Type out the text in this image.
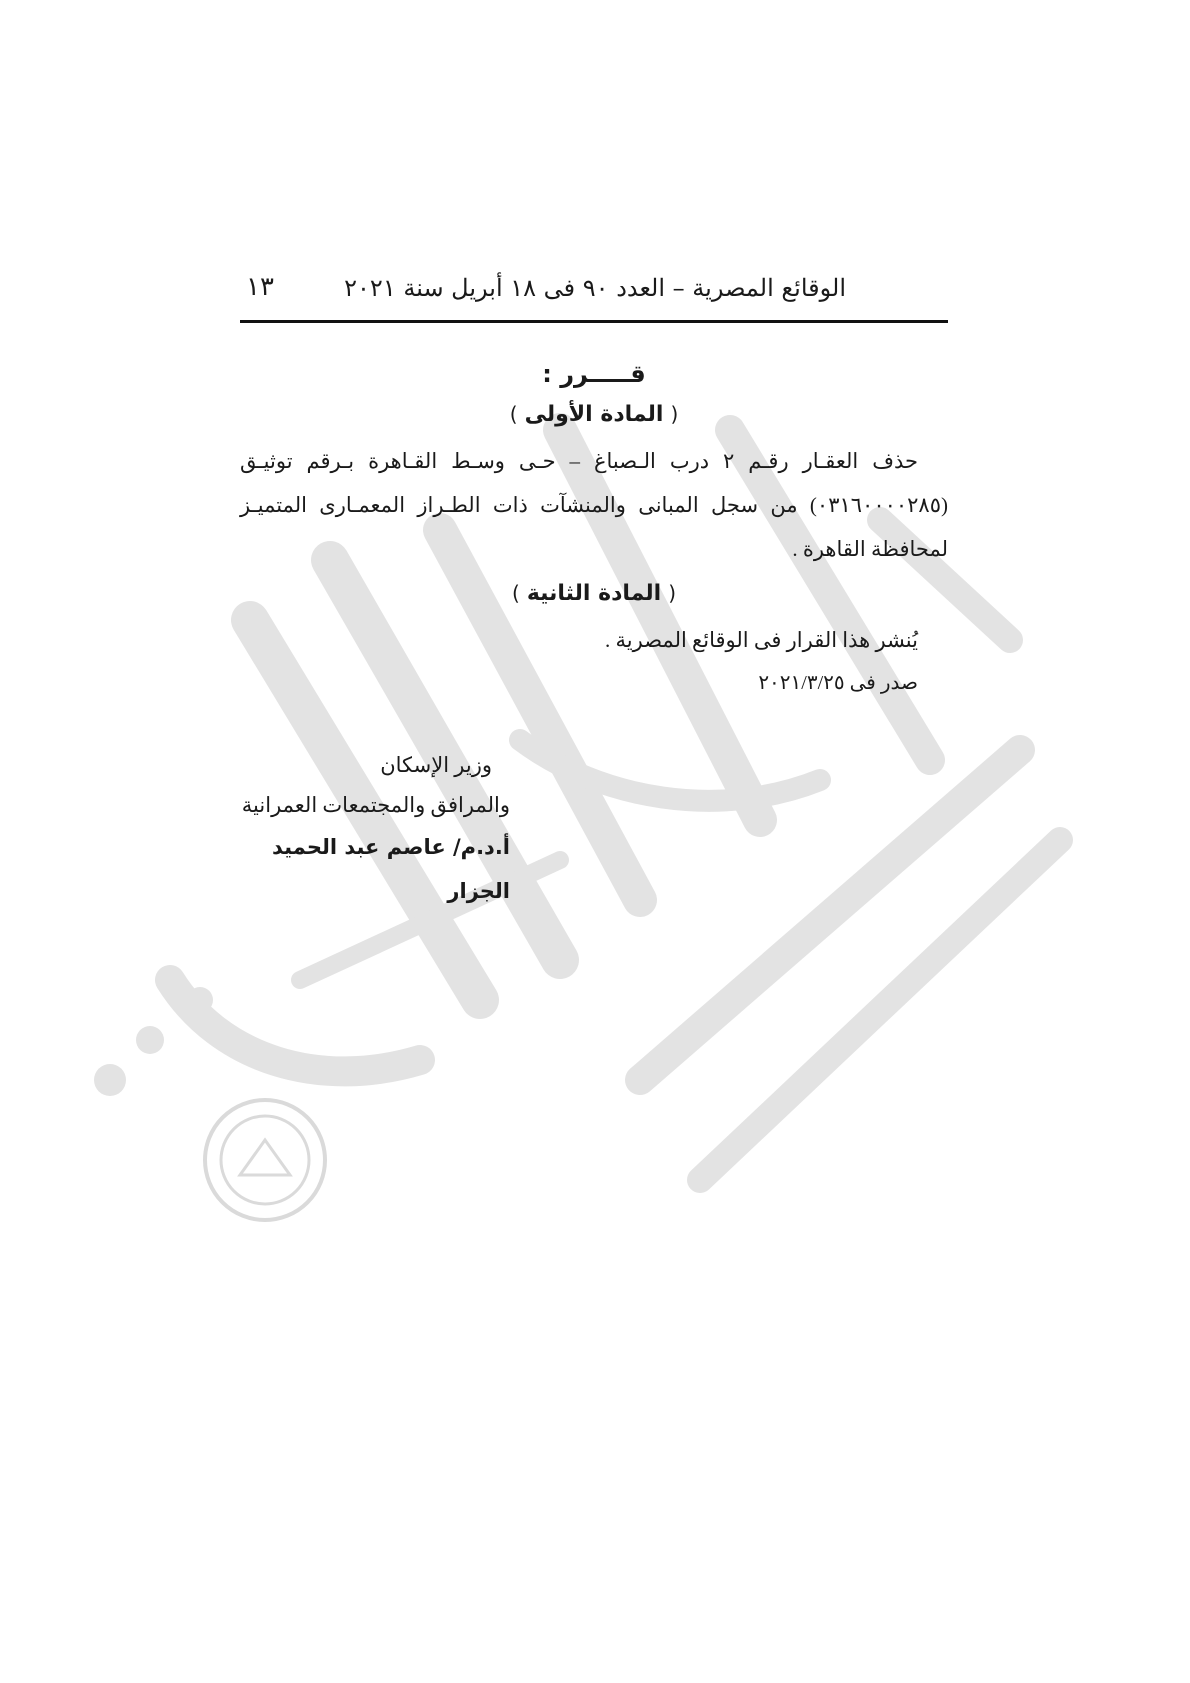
الوقائع المصرية – العدد ٩٠ فى ١٨ أبريل سنة ٢٠٢١
١٣
قـــــرر :
( المادة الأولى )

حذف العقـار رقـم ٢ درب الـصباغ – حـى وسـط القـاهرة بـرقم توثيـق (٠٣١٦٠٠٠٠٢٨٥) من سجل المبانى والمنشآت ذات الطـراز المعمـارى المتميـز لمحافظة القاهرة .

( المادة الثانية )

يُنشر هذا القرار فى الوقائع المصرية .

صدر فى ٢٠٢١/٣/٢٥
وزير الإسكان
والمرافق والمجتمعات العمرانية
أ.د.م/ عاصم عبد الحميد الجزار
